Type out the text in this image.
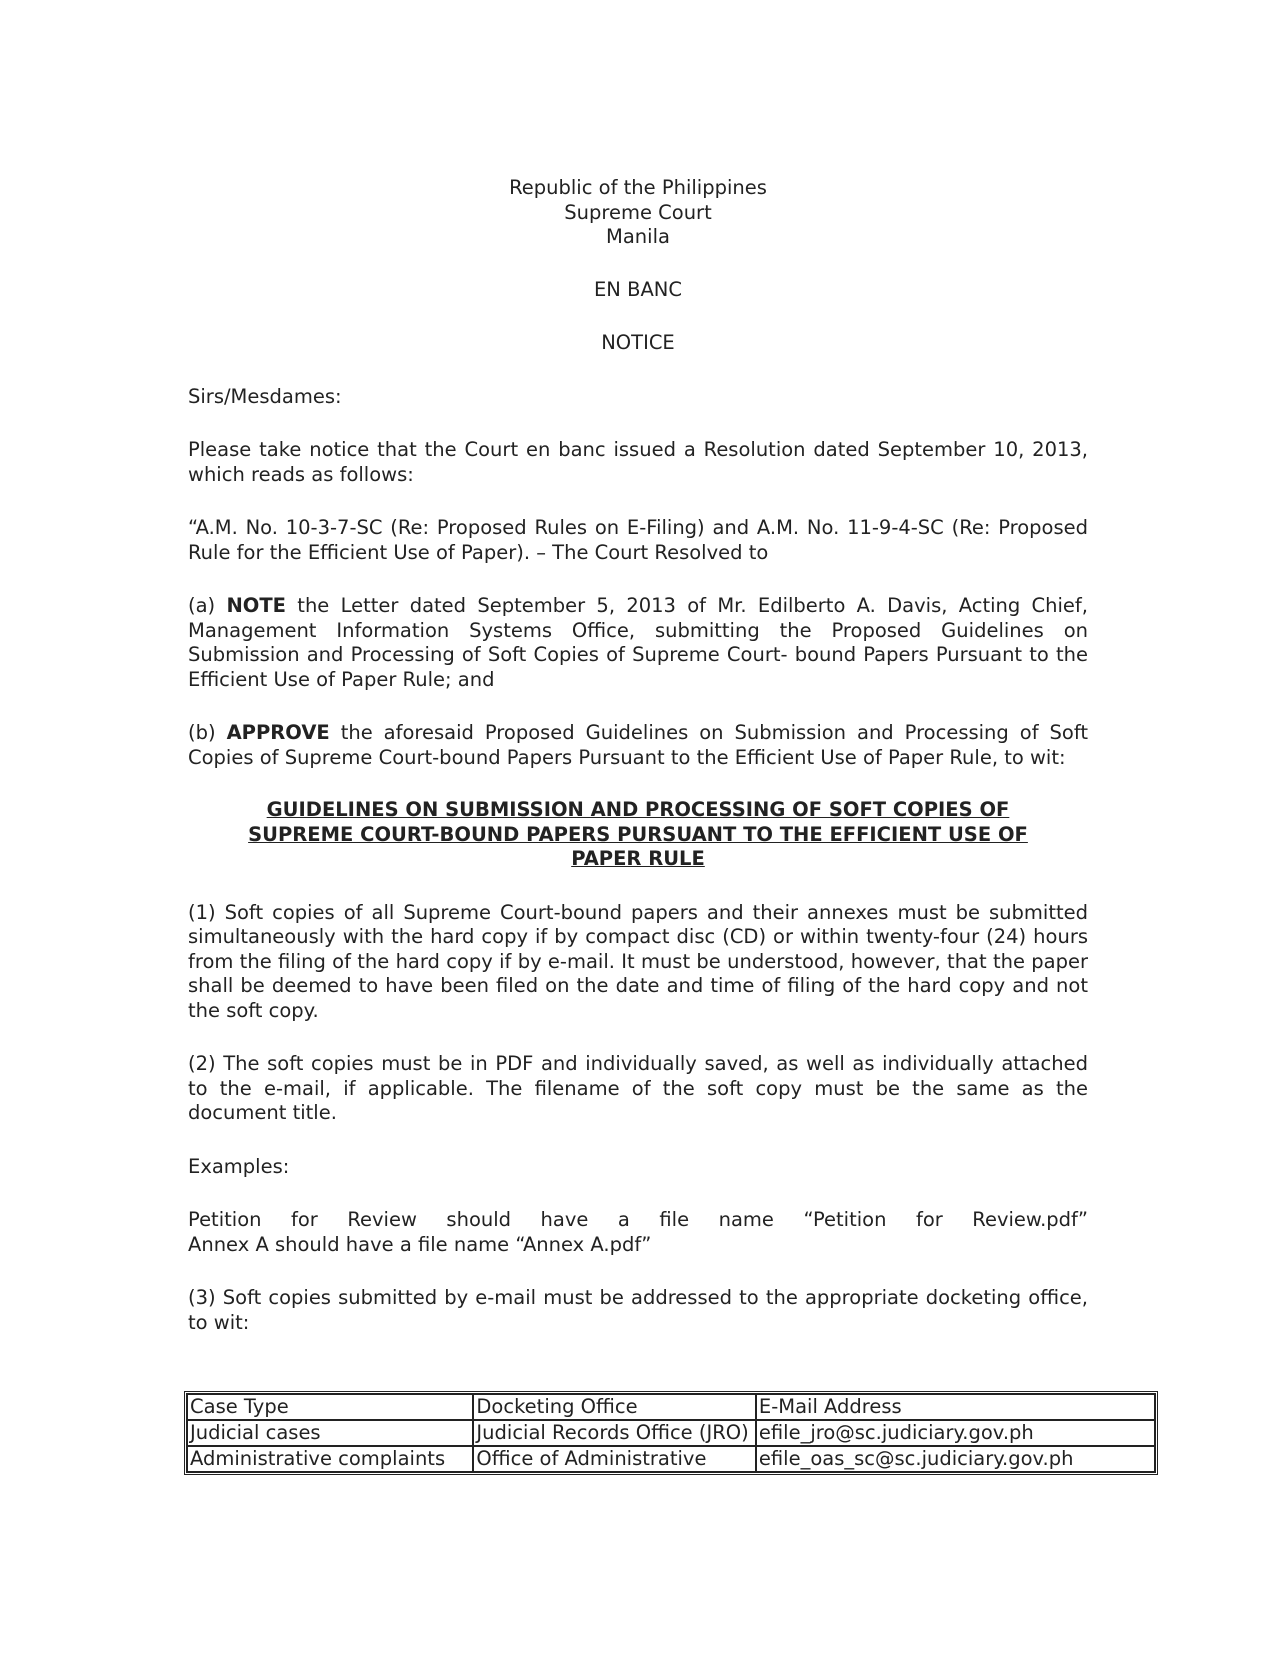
Republic of the Philippines

Supreme Court

Manila

EN BANC

NOTICE

Sirs/Mesdames:

Please take notice that the Court en banc issued a Resolution dated September 10, 2013, which reads as follows:

“A.M. No. 10-3-7-SC (Re: Proposed Rules on E-Filing) and A.M. No. 11-9-4-SC (Re: Proposed Rule for the Efficient Use of Paper). – The Court Resolved to

(a) NOTE the Letter dated September 5, 2013 of Mr. Edilberto A. Davis, Acting Chief, Management Information Systems Office, submitting the Proposed Guidelines on Submission and Processing of Soft Copies of Supreme Court- bound Papers Pursuant to the Efficient Use of Paper Rule; and

(b) APPROVE the aforesaid Proposed Guidelines on Submission and Processing of Soft Copies of Supreme Court-bound Papers Pursuant to the Efficient Use of Paper Rule, to wit:

GUIDELINES ON SUBMISSION AND PROCESSING OF SOFT COPIES OF
SUPREME COURT-BOUND PAPERS PURSUANT TO THE EFFICIENT USE OF
PAPER RULE

(1) Soft copies of all Supreme Court-bound papers and their annexes must be submitted simultaneously with the hard copy if by compact disc (CD) or within twenty-four (24) hours from the filing of the hard copy if by e-mail. It must be understood, however, that the paper shall be deemed to have been filed on the date and time of filing of the hard copy and not the soft copy.

(2) The soft copies must be in PDF and individually saved, as well as individually attached to the e-mail, if applicable. The filename of the soft copy must be the same as the document title.

Examples:

Petition for Review should have a file name “Petition for Review.pdf”

Annex A should have a file name “Annex A.pdf”

(3) Soft copies submitted by e-mail must be addressed to the appropriate docketing office, to wit:

Case Type	Docketing Office	E-Mail Address
Judicial cases	Judicial Records Office (JRO)	efile_jro@sc.judiciary.gov.ph
Administrative complaints	Office of Administrative	efile_oas_sc@sc.judiciary.gov.ph
